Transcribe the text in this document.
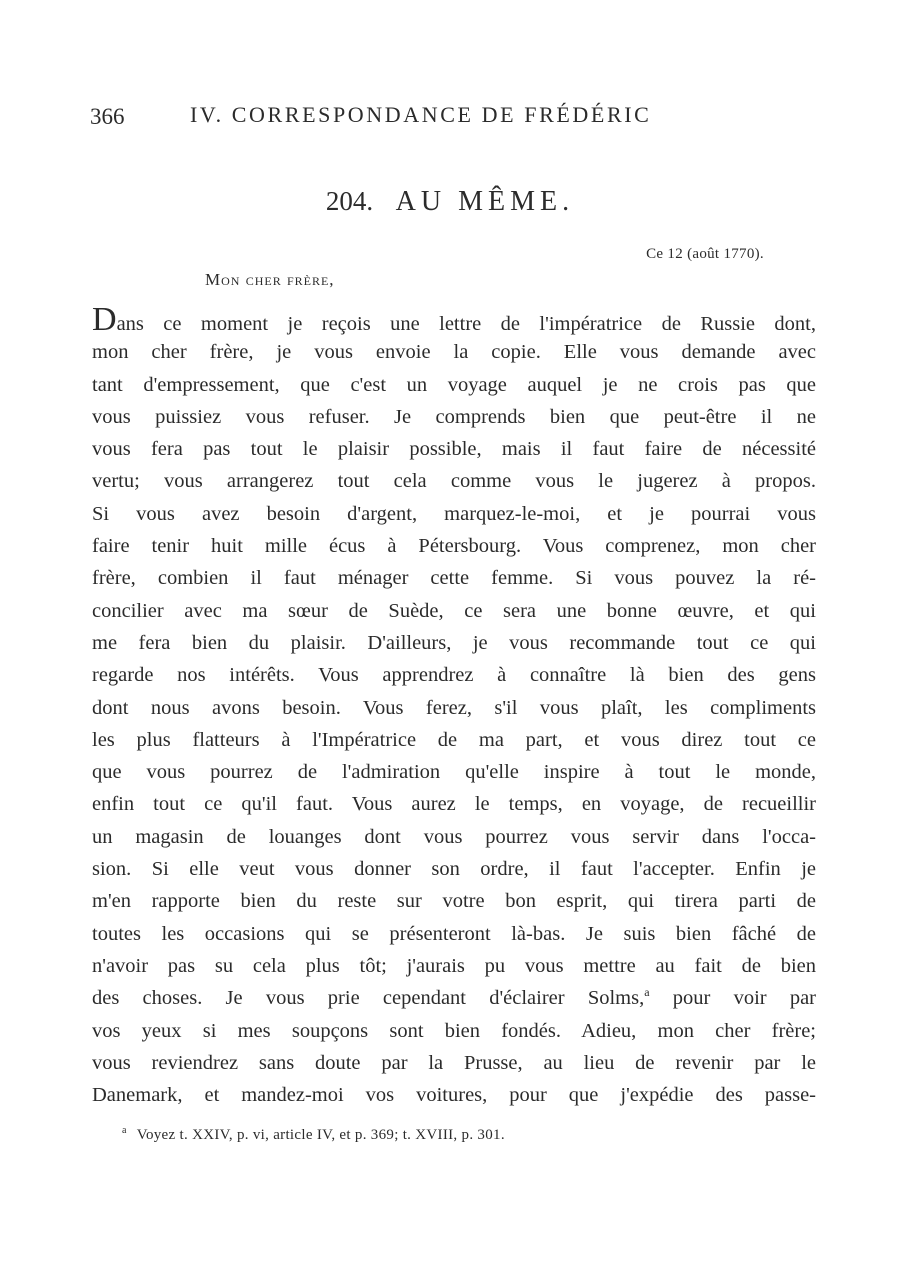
366	IV. CORRESPONDANCE DE FRÉDÉRIC
204. AU MÊME.
Ce 12 (août 1770).
Mon cher frère,
Dans ce moment je reçois une lettre de l'impératrice de Russie dont,
mon cher frère, je vous envoie la copie. Elle vous demande avec
tant d'empressement, que c'est un voyage auquel je ne crois pas que
vous puissiez vous refuser. Je comprends bien que peut-être il ne
vous fera pas tout le plaisir possible, mais il faut faire de nécessité
vertu; vous arrangerez tout cela comme vous le jugerez à propos.
Si vous avez besoin d'argent, marquez-le-moi, et je pourrai vous
faire tenir huit mille écus à Pétersbourg. Vous comprenez, mon cher
frère, combien il faut ménager cette femme. Si vous pouvez la ré-
concilier avec ma sœur de Suède, ce sera une bonne œuvre, et qui
me fera bien du plaisir. D'ailleurs, je vous recommande tout ce qui
regarde nos intérêts. Vous apprendrez à connaître là bien des gens
dont nous avons besoin. Vous ferez, s'il vous plaît, les compliments
les plus flatteurs à l'Impératrice de ma part, et vous direz tout ce
que vous pourrez de l'admiration qu'elle inspire à tout le monde,
enfin tout ce qu'il faut. Vous aurez le temps, en voyage, de recueillir
un magasin de louanges dont vous pourrez vous servir dans l'occa-
sion. Si elle veut vous donner son ordre, il faut l'accepter. Enfin je
m'en rapporte bien du reste sur votre bon esprit, qui tirera parti de
toutes les occasions qui se présenteront là-bas. Je suis bien fâché de
n'avoir pas su cela plus tôt; j'aurais pu vous mettre au fait de bien
des choses. Je vous prie cependant d'éclairer Solms,$^a$ pour voir par
vos yeux si mes soupçons sont bien fondés. Adieu, mon cher frère;
vous reviendrez sans doute par la Prusse, au lieu de revenir par le
Danemark, et mandez-moi vos voitures, pour que j'expédie des passe-
$^a$ Voyez t. XXIV, p. vi, article IV, et p. 369; t. XVIII, p. 301.
